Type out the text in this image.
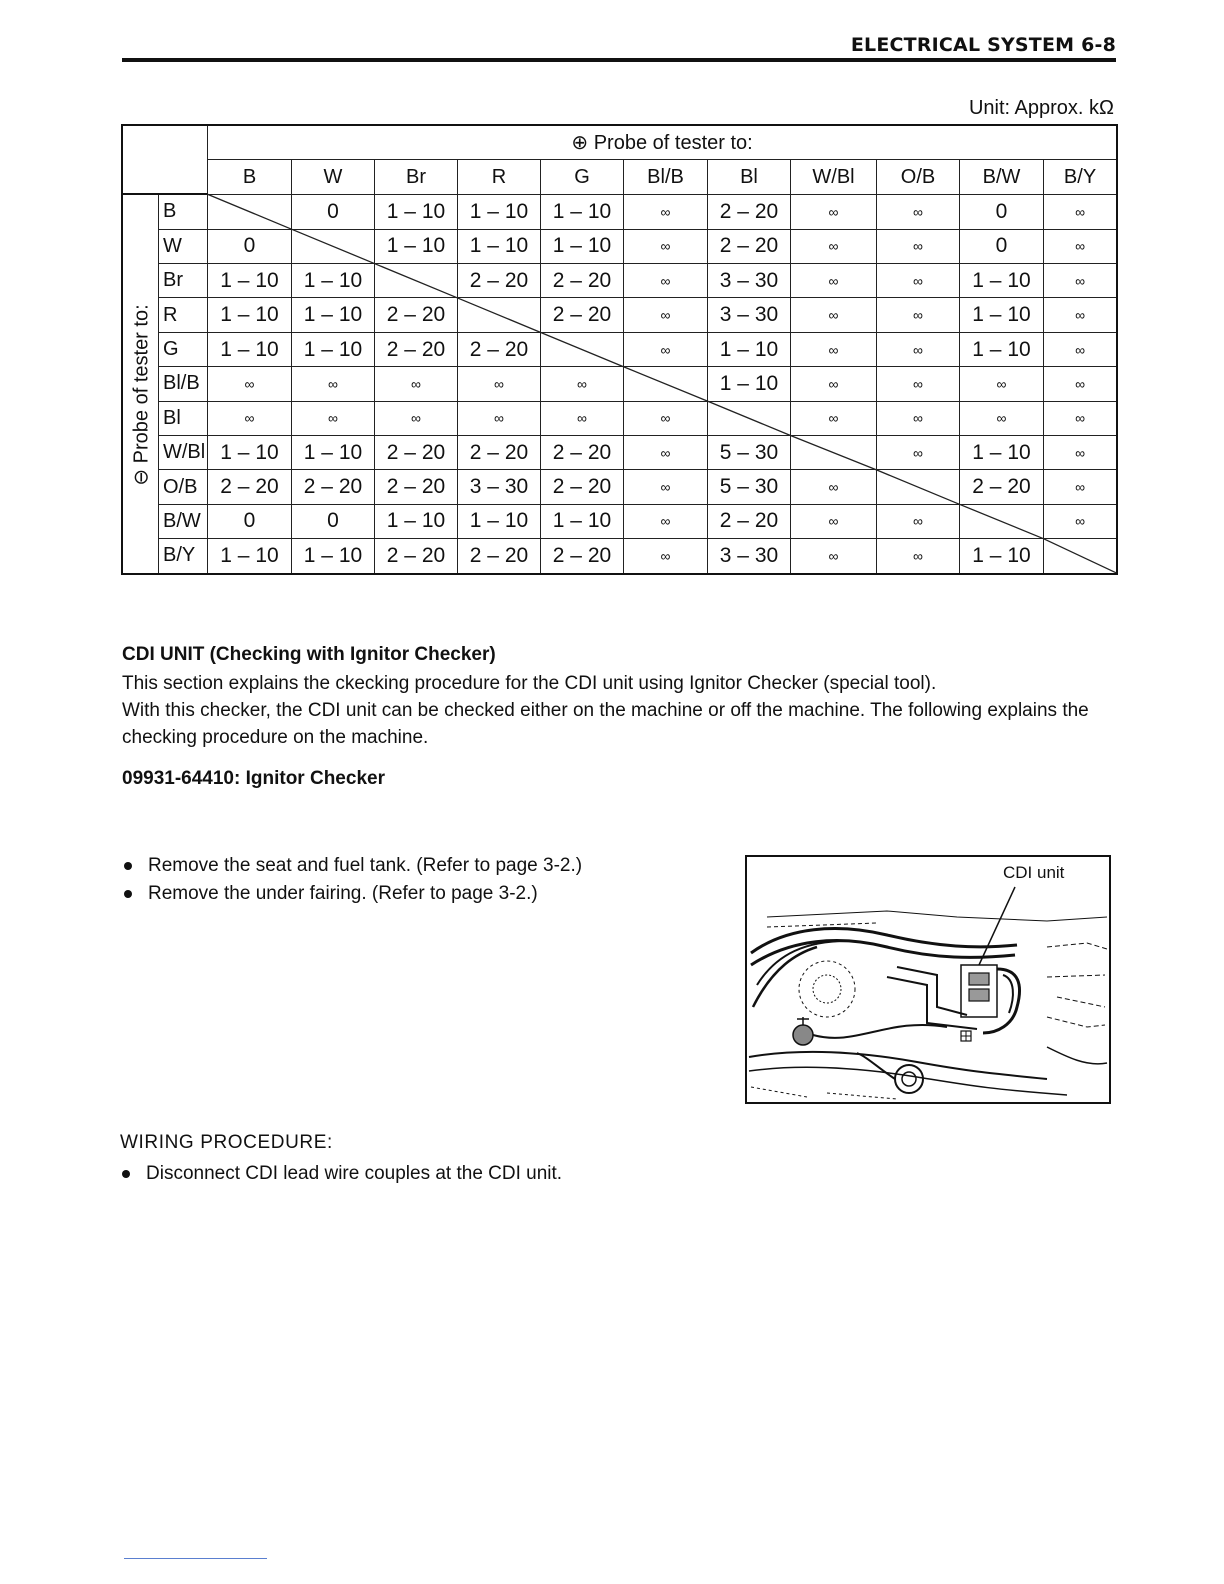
ELECTRICAL SYSTEM 6-8
Unit: Approx. kΩ
		⊕ Probe of tester to:										
		B	W	Br	R	G	Bl/B	Bl	W/Bl	O/B	B/W	B/Y
	B		0	1 – 10	1 – 10	1 – 10	∞	2 – 20	∞	∞	0	∞
	W	0		1 – 10	1 – 10	1 – 10	∞	2 – 20	∞	∞	0	∞
	Br	1 – 10	1 – 10		2 – 20	2 – 20	∞	3 – 30	∞	∞	1 – 10	∞
	R	1 – 10	1 – 10	2 – 20		2 – 20	∞	3 – 30	∞	∞	1 – 10	∞
	G	1 – 10	1 – 10	2 – 20	2 – 20		∞	1 – 10	∞	∞	1 – 10	∞
	Bl/B	∞	∞	∞	∞	∞		1 – 10	∞	∞	∞	∞
	Bl	∞	∞	∞	∞	∞	∞		∞	∞	∞	∞
	W/Bl	1 – 10	1 – 10	2 – 20	2 – 20	2 – 20	∞	5 – 30		∞	1 – 10	∞
	O/B	2 – 20	2 – 20	2 – 20	3 – 30	2 – 20	∞	5 – 30	∞		2 – 20	∞
	B/W	0	0	1 – 10	1 – 10	1 – 10	∞	2 – 20	∞	∞		∞
	B/Y	1 – 10	1 – 10	2 – 20	2 – 20	2 – 20	∞	3 – 30	∞	∞	1 – 10	
⊖ Probe of tester to:
CDI UNIT (Checking with Ignitor Checker)
This section explains the ckecking procedure for the CDI unit using Ignitor Checker (special tool).
With this checker, the CDI unit can be checked either on the machine or off the machine. The following explains the checking procedure on the machine.
09931-64410: Ignitor Checker
Remove the seat and fuel tank. (Refer to page 3-2.)
Remove the under fairing. (Refer to page 3-2.)
CDI unit
WIRING PROCEDURE:
Disconnect CDI lead wire couples at the CDI unit.
